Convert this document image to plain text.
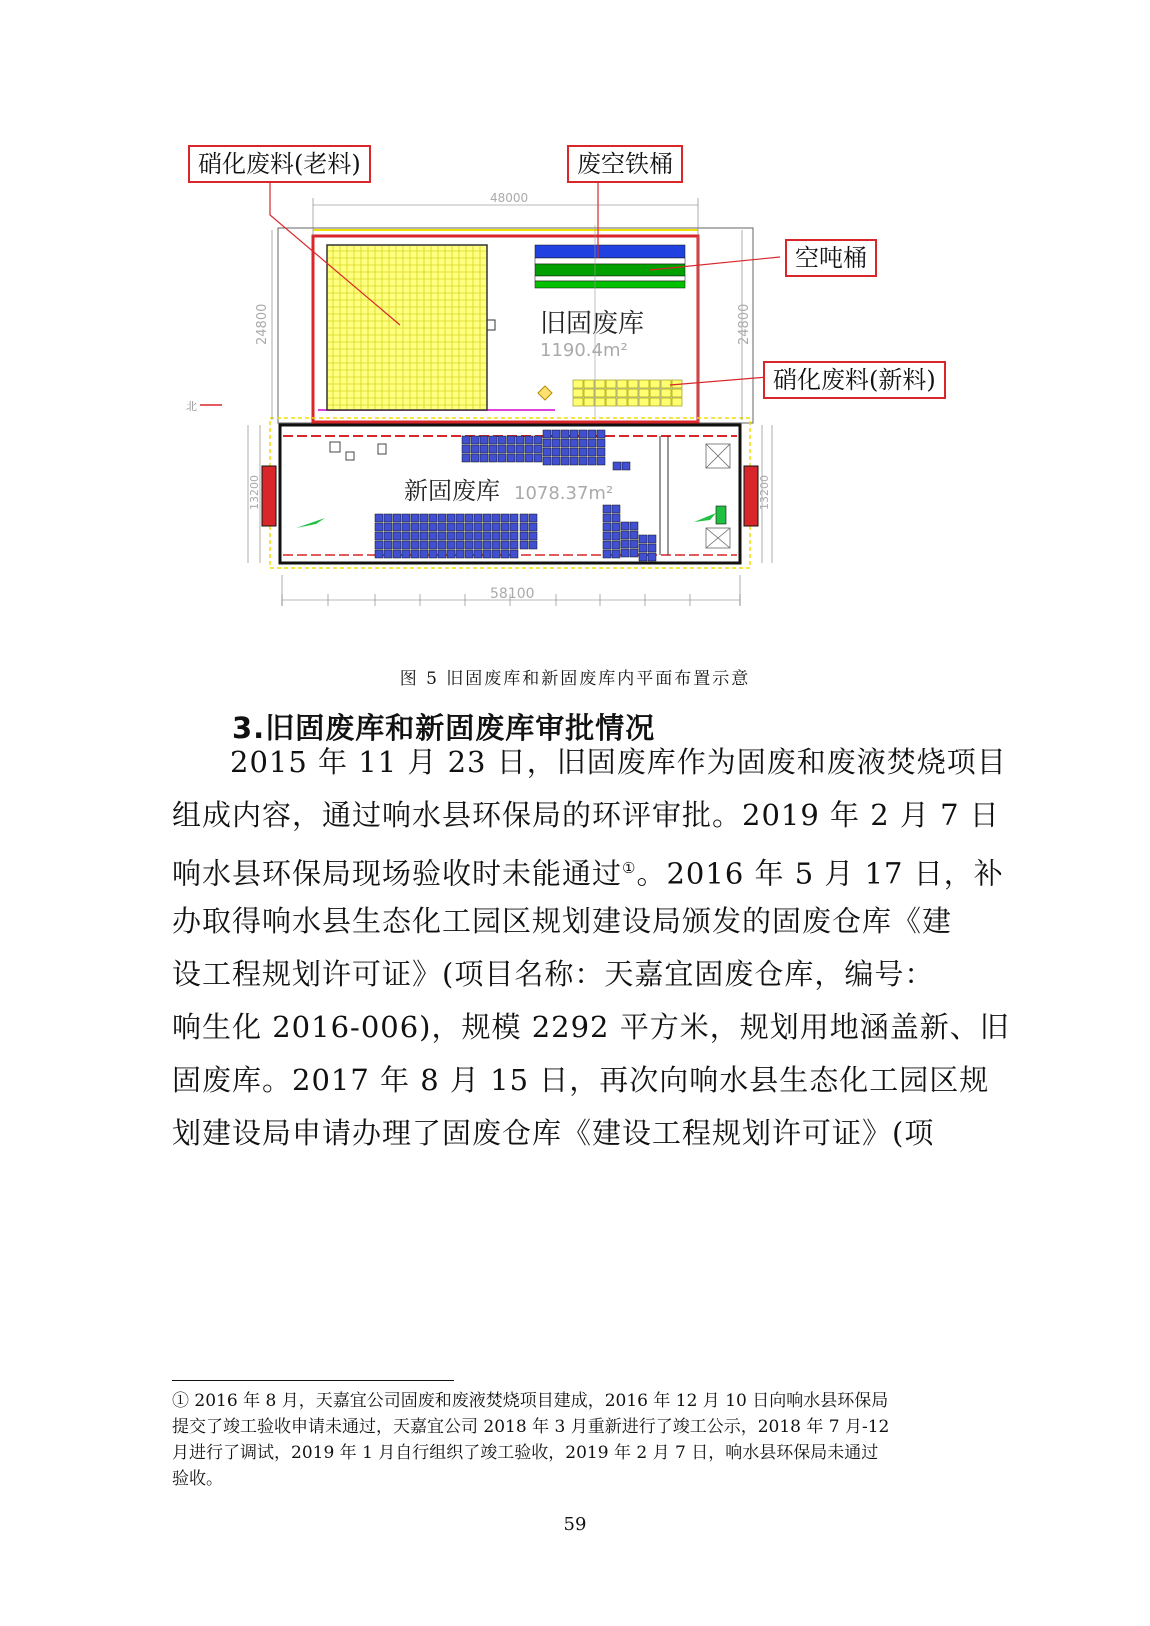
旧固废库
1190.4m²
新固废库 1078.37m²
48000
58100
24800	24800
13200	13200
北
硝化废料(老料)	废空铁桶
空吨桶
硝化废料(新料)
图 5 旧固废库和新固废库内平面布置示意
3.旧固废库和新固废库审批情况
2015 年 11 月 23 日，旧固废库作为固废和废液焚烧项目
组成内容，通过响水县环保局的环评审批。2019 年 2 月 7 日
响水县环保局现场验收时未能通过①。2016 年 5 月 17 日，补
办取得响水县生态化工园区规划建设局颁发的固废仓库《建
设工程规划许可证》(项目名称：天嘉宜固废仓库，编号：
响生化 2016-006)，规模 2292 平方米，规划用地涵盖新、旧
固废库。2017 年 8 月 15 日，再次向响水县生态化工园区规
划建设局申请办理了固废仓库《建设工程规划许可证》(项
① 2016 年 8 月，天嘉宜公司固废和废液焚烧项目建成，2016 年 12 月 10 日向响水县环保局
提交了竣工验收申请未通过，天嘉宜公司 2018 年 3 月重新进行了竣工公示，2018 年 7 月-12
月进行了调试，2019 年 1 月自行组织了竣工验收，2019 年 2 月 7 日，响水县环保局未通过
验收。
59
